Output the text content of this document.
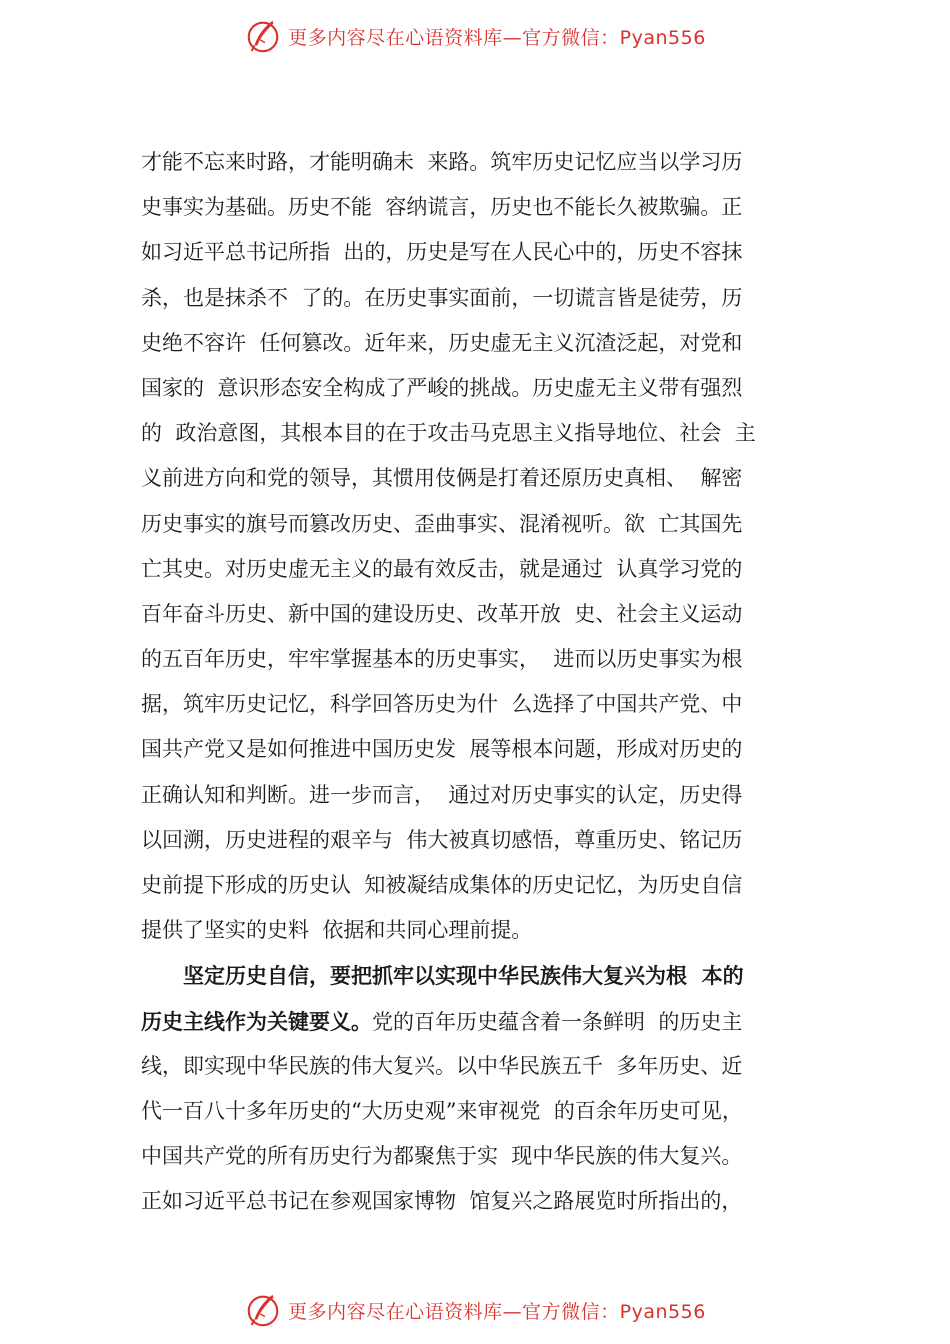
更多内容尽在心语资料库—官方微信：Pyan556
才能不忘来时路，才能明确未  来路。筑牢历史记忆应当以学习历
史事实为基础。历史不能  容纳谎言，历史也不能长久被欺骗。正
如习近平总书记所指  出的，历史是写在人民心中的，历史不容抹
杀，也是抹杀不  了的。在历史事实面前，一切谎言皆是徒劳，历
史绝不容许  任何篡改。近年来，历史虚无主义沉渣泛起，对党和
国家的  意识形态安全构成了严峻的挑战。历史虚无主义带有强烈
的  政治意图，其根本目的在于攻击马克思主义指导地位、社会  主
义前进方向和党的领导，其惯用伎俩是打着还原历史真相、  解密
历史事实的旗号而篡改历史、歪曲事实、混淆视听。欲  亡其国先
亡其史。对历史虚无主义的最有效反击，就是通过  认真学习党的
百年奋斗历史、新中国的建设历史、改革开放  史、社会主义运动
的五百年历史，牢牢掌握基本的历史事实，  进而以历史事实为根
据，筑牢历史记忆，科学回答历史为什  么选择了中国共产党、中
国共产党又是如何推进中国历史发  展等根本问题，形成对历史的
正确认知和判断。进一步而言，  通过对历史事实的认定，历史得
以回溯，历史进程的艰辛与  伟大被真切感悟，尊重历史、铭记历
史前提下形成的历史认  知被凝结成集体的历史记忆，为历史自信
提供了坚实的史料  依据和共同心理前提。
坚定历史自信，要把抓牢以实现中华民族伟大复兴为根  本的
历史主线作为关键要义。党的百年历史蕴含着一条鲜明  的历史主
线，即实现中华民族的伟大复兴。以中华民族五千  多年历史、近
代一百八十多年历史的“大历史观”来审视党  的百余年历史可见，
中国共产党的所有历史行为都聚焦于实  现中华民族的伟大复兴。
正如习近平总书记在参观国家博物  馆复兴之路展览时所指出的，
更多内容尽在心语资料库—官方微信：Pyan556
